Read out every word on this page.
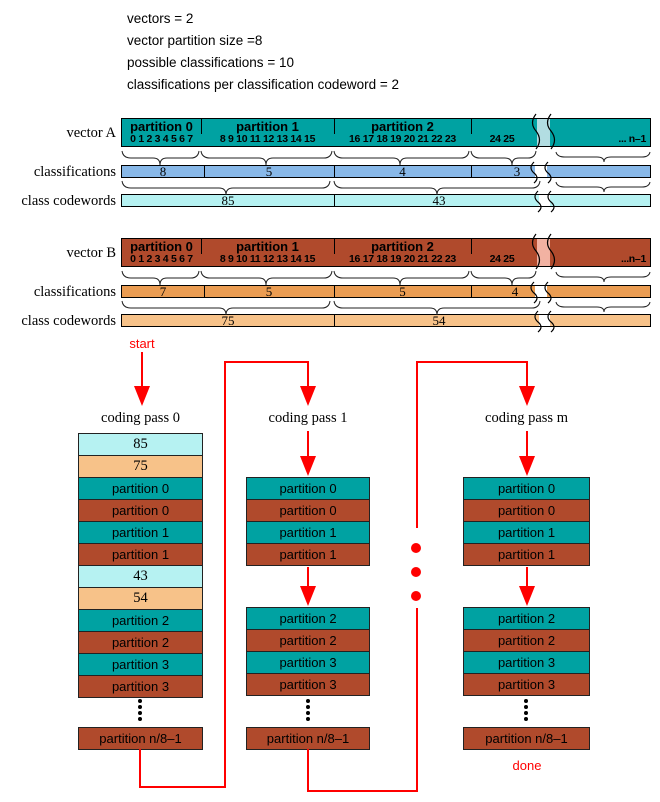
vectors = 2
vector partition size =8
possible classifications = 10
classifications per classification codeword = 2
vector A	partition 0	partition 1	partition 2
0 1 2 3 4 5 6 7	8 9 10 11 12 13 14 15	16 17 18 19 20 21 22 23	24 25	... n–1
classifications	8	5	4	3
class codewords	85	43
vector B	partition 0	partition 1	partition 2
0 1 2 3 4 5 6 7	8 9 10 11 12 13 14 15	16 17 18 19 20 21 22 23	24 25	...n–1
classifications	7	5	5	4
class codewords	75	54
start
done
coding pass 0
85
75
partition 0
partition 0
partition 1
partition 1
43
54
partition 2
partition 2
partition 3
partition 3
partition n/8–1
coding pass 1
partition 0
partition 0
partition 1
partition 1
partition 2
partition 2
partition 3
partition 3
partition n/8–1
coding pass m
partition 0
partition 0
partition 1
partition 1
partition 2
partition 2
partition 3
partition 3
partition n/8–1
